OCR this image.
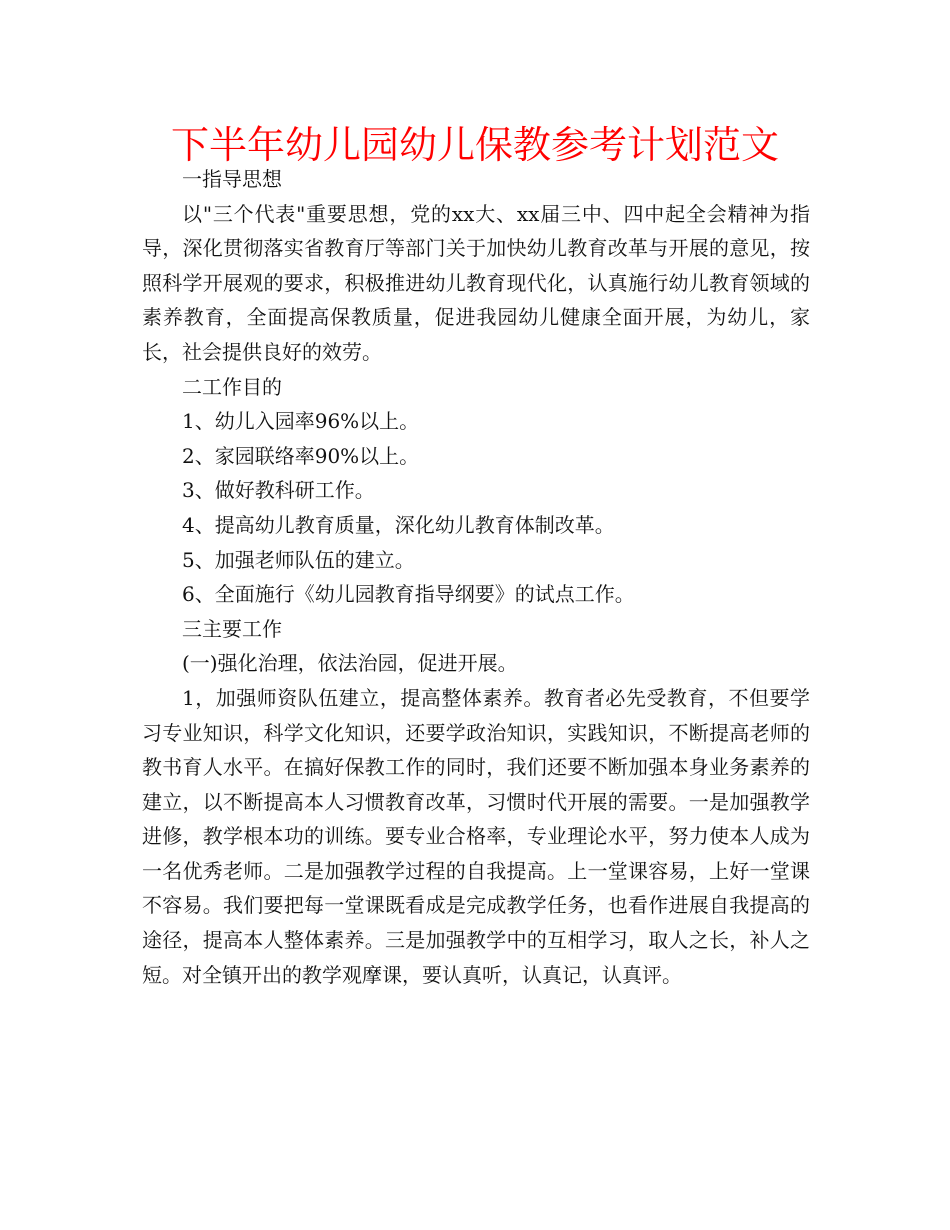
下半年幼儿园幼儿保教参考计划范文

一指导思想

以"三个代表"重要思想，党的xx大、xx届三中、四中起全会精神为指导，深化贯彻落实省教育厅等部门关于加快幼儿教育改革与开展的意见，按照科学开展观的要求，积极推进幼儿教育现代化，认真施行幼儿教育领域的素养教育，全面提高保教质量，促进我园幼儿健康全面开展，为幼儿，家长，社会提供良好的效劳。

二工作目的

1、幼儿入园率96%以上。

2、家园联络率90%以上。

3、做好教科研工作。

4、提高幼儿教育质量，深化幼儿教育体制改革。

5、加强老师队伍的建立。

6、全面施行《幼儿园教育指导纲要》的试点工作。

三主要工作

(一)强化治理，依法治园，促进开展。

1，加强师资队伍建立，提高整体素养。教育者必先受教育，不但要学习专业知识，科学文化知识，还要学政治知识，实践知识，不断提高老师的教书育人水平。在搞好保教工作的同时，我们还要不断加强本身业务素养的建立，以不断提高本人习惯教育改革，习惯时代开展的需要。一是加强教学进修，教学根本功的训练。要专业合格率，专业理论水平，努力使本人成为一名优秀老师。二是加强教学过程的自我提高。上一堂课容易，上好一堂课不容易。我们要把每一堂课既看成是完成教学任务，也看作进展自我提高的途径，提高本人整体素养。三是加强教学中的互相学习，取人之长，补人之短。对全镇开出的教学观摩课，要认真听，认真记，认真评。
